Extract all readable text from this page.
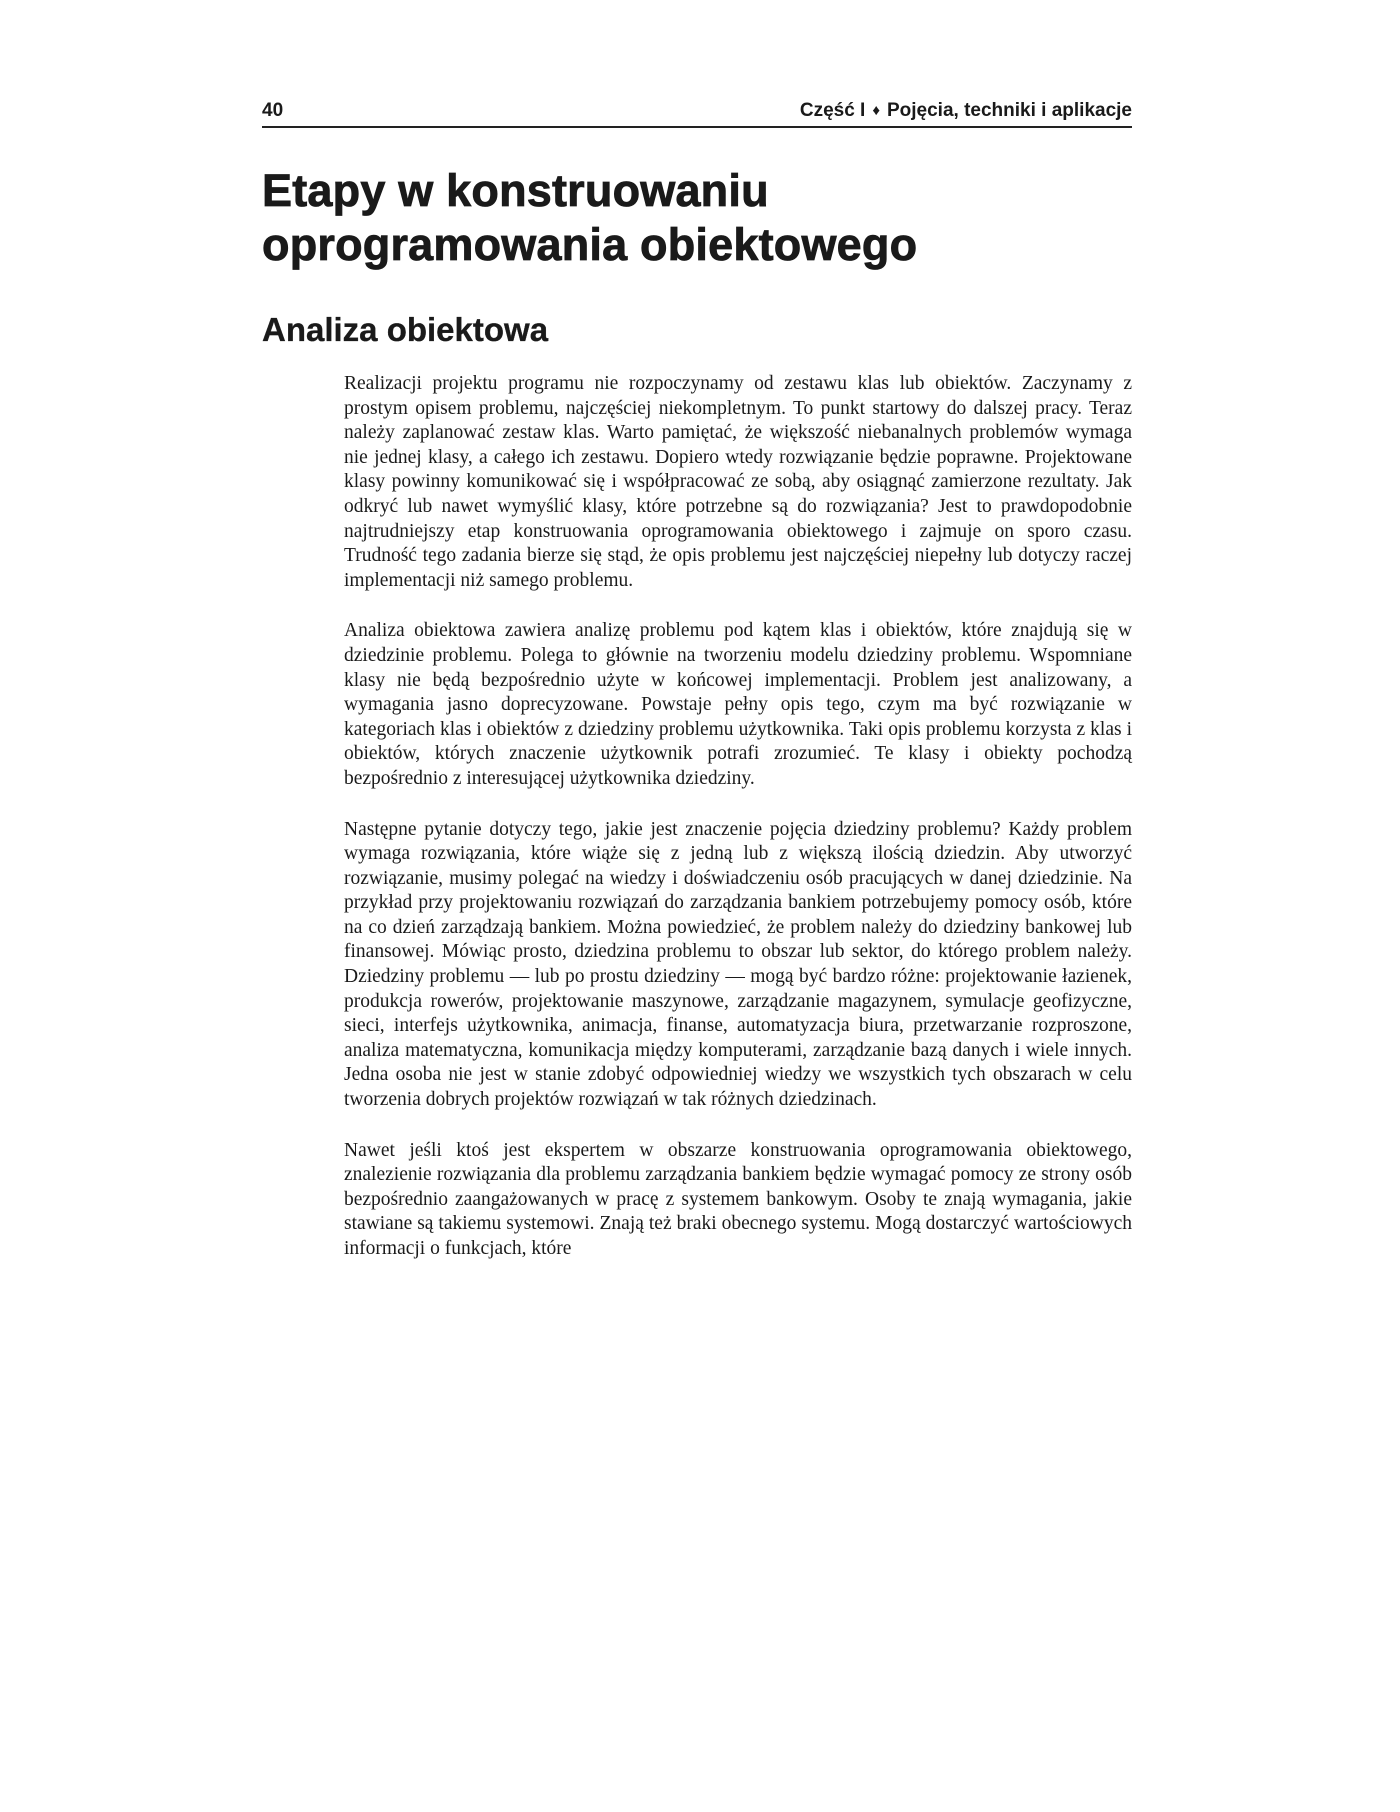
40	Część I ♦ Pojęcia, techniki i aplikacje
Etapy w konstruowaniu
oprogramowania obiektowego
Analiza obiektowa

Realizacji projektu programu nie rozpoczynamy od zestawu klas lub obiektów. Zaczynamy z prostym opisem problemu, najczęściej niekompletnym. To punkt startowy do dalszej pracy. Teraz należy zaplanować zestaw klas. Warto pamiętać, że większość niebanalnych problemów wymaga nie jednej klasy, a całego ich zestawu. Dopiero wtedy rozwiązanie będzie poprawne. Projektowane klasy powinny komunikować się i współpracować ze sobą, aby osiągnąć zamierzone rezultaty. Jak odkryć lub nawet wymyślić klasy, które potrzebne są do rozwiązania? Jest to prawdopodobnie najtrudniejszy etap konstruowania oprogramowania obiektowego i zajmuje on sporo czasu. Trudność tego zadania bierze się stąd, że opis problemu jest najczęściej niepełny lub dotyczy raczej implementacji niż samego problemu.

Analiza obiektowa zawiera analizę problemu pod kątem klas i obiektów, które znajdują się w dziedzinie problemu. Polega to głównie na tworzeniu modelu dziedziny problemu. Wspomniane klasy nie będą bezpośrednio użyte w końcowej implementacji. Problem jest analizowany, a wymagania jasno doprecyzowane. Powstaje pełny opis tego, czym ma być rozwiązanie w kategoriach klas i obiektów z dziedziny problemu użytkownika. Taki opis problemu korzysta z klas i obiektów, których znaczenie użytkownik potrafi zrozumieć. Te klasy i obiekty pochodzą bezpośrednio z interesującej użytkownika dziedziny.

Następne pytanie dotyczy tego, jakie jest znaczenie pojęcia dziedziny problemu? Każdy problem wymaga rozwiązania, które wiąże się z jedną lub z większą ilością dziedzin. Aby utworzyć rozwiązanie, musimy polegać na wiedzy i doświadczeniu osób pracujących w danej dziedzinie. Na przykład przy projektowaniu rozwiązań do zarządzania bankiem potrzebujemy pomocy osób, które na co dzień zarządzają bankiem. Można powiedzieć, że problem należy do dziedziny bankowej lub finansowej. Mówiąc prosto, dziedzina problemu to obszar lub sektor, do którego problem należy. Dziedziny problemu — lub po prostu dziedziny — mogą być bardzo różne: projektowanie łazienek, produkcja rowerów, projektowanie maszynowe, zarządzanie magazynem, symulacje geofizyczne, sieci, interfejs użytkownika, animacja, finanse, automatyzacja biura, przetwarzanie rozproszone, analiza matematyczna, komunikacja między komputerami, zarządzanie bazą danych i wiele innych. Jedna osoba nie jest w stanie zdobyć odpowiedniej wiedzy we wszystkich tych obszarach w celu tworzenia dobrych projektów rozwiązań w tak różnych dziedzinach.

Nawet jeśli ktoś jest ekspertem w obszarze konstruowania oprogramowania obiektowego, znalezienie rozwiązania dla problemu zarządzania bankiem będzie wymagać pomocy ze strony osób bezpośrednio zaangażowanych w pracę z systemem bankowym. Osoby te znają wymagania, jakie stawiane są takiemu systemowi. Znają też braki obecnego systemu. Mogą dostarczyć wartościowych informacji o funkcjach, które
